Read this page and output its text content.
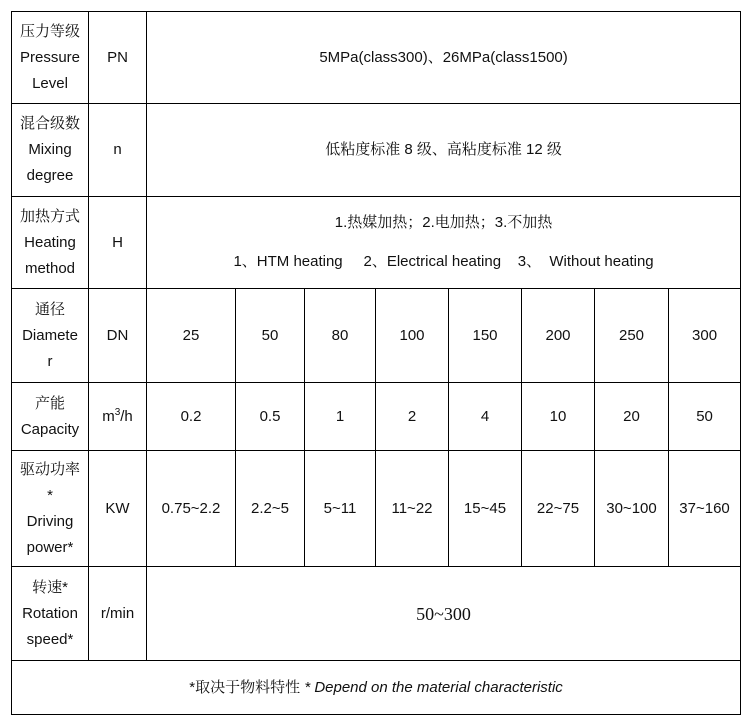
压力等级
Pressure
Level	PN	5MPa(class300)、26MPa(class1500)							

混合级数
Mixing
degree	n	低粘度标准 8 级、高粘度标准 12 级							

加热方式
Heating
method	H	1.热媒加热；2.电加热；3.不加热
1、HTM heating     2、Electrical heating    3、  Without heating							

通径
Diamete
r	DN	25	50	80	100	150	200	250	300

产能
Capacity	$m^3/h$	0.2	0.5	1	2	4	10	20	50

驱动功率
*
Driving
power*	KW	0.75~2.2	2.2~5	5~11	11~22	15~45	22~75	30~100	37~160

转速*
Rotation
speed*	r/min	50~300							
*取决于物料特性 * Depend on the material characteristic									
